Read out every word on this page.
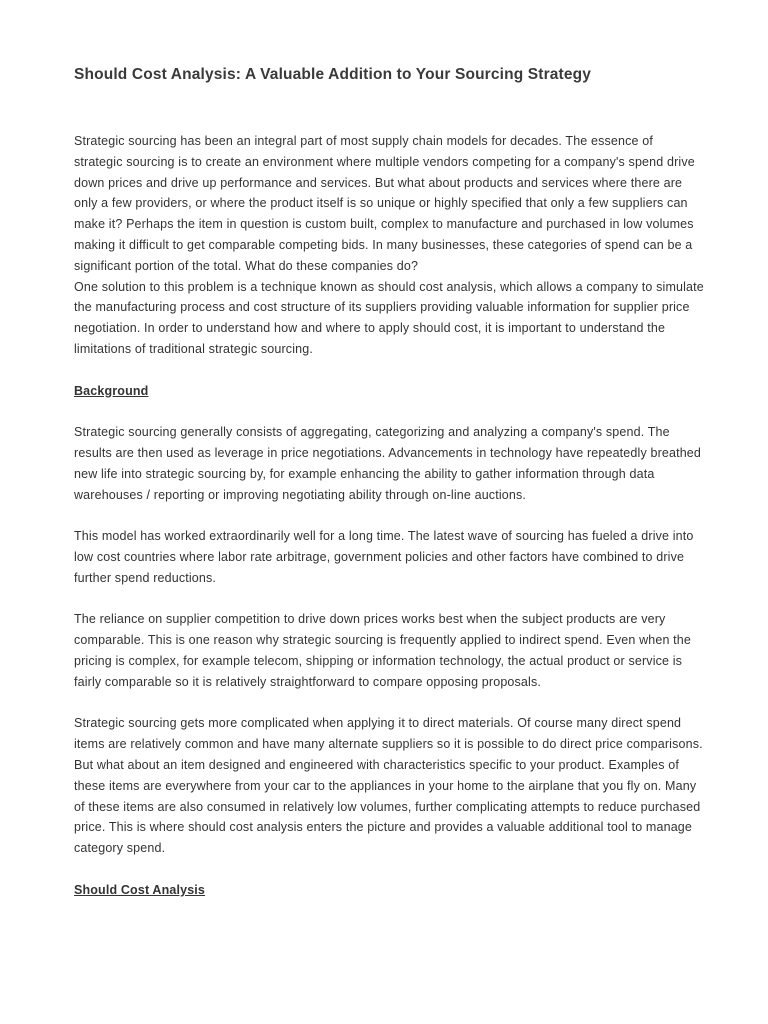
Should Cost Analysis: A Valuable Addition to Your Sourcing Strategy

Strategic sourcing has been an integral part of most supply chain models for decades. The essence of strategic sourcing is to create an environment where multiple vendors competing for a company's spend drive down prices and drive up performance and services. But what about products and services where there are only a few providers, or where the product itself is so unique or highly specified that only a few suppliers can make it? Perhaps the item in question is custom built, complex to manufacture and purchased in low volumes making it difficult to get comparable competing bids. In many businesses, these categories of spend can be a significant portion of the total. What do these companies do?

One solution to this problem is a technique known as should cost analysis, which allows a company to simulate the manufacturing process and cost structure of its suppliers providing valuable information for supplier price negotiation. In order to understand how and where to apply should cost, it is important to understand the limitations of traditional strategic sourcing.

Background

Strategic sourcing generally consists of aggregating, categorizing and analyzing a company's spend. The results are then used as leverage in price negotiations. Advancements in technology have repeatedly breathed new life into strategic sourcing by, for example enhancing the ability to gather information through data warehouses / reporting or improving negotiating ability through on-line auctions.

This model has worked extraordinarily well for a long time. The latest wave of sourcing has fueled a drive into low cost countries where labor rate arbitrage, government policies and other factors have combined to drive further spend reductions.

The reliance on supplier competition to drive down prices works best when the subject products are very comparable. This is one reason why strategic sourcing is frequently applied to indirect spend. Even when the pricing is complex, for example telecom, shipping or information technology, the actual product or service is fairly comparable so it is relatively straightforward to compare opposing proposals.

Strategic sourcing gets more complicated when applying it to direct materials. Of course many direct spend items are relatively common and have many alternate suppliers so it is possible to do direct price comparisons. But what about an item designed and engineered with characteristics specific to your product. Examples of these items are everywhere from your car to the appliances in your home to the airplane that you fly on. Many of these items are also consumed in relatively low volumes, further complicating attempts to reduce purchased price. This is where should cost analysis enters the picture and provides a valuable additional tool to manage category spend.

Should Cost Analysis
